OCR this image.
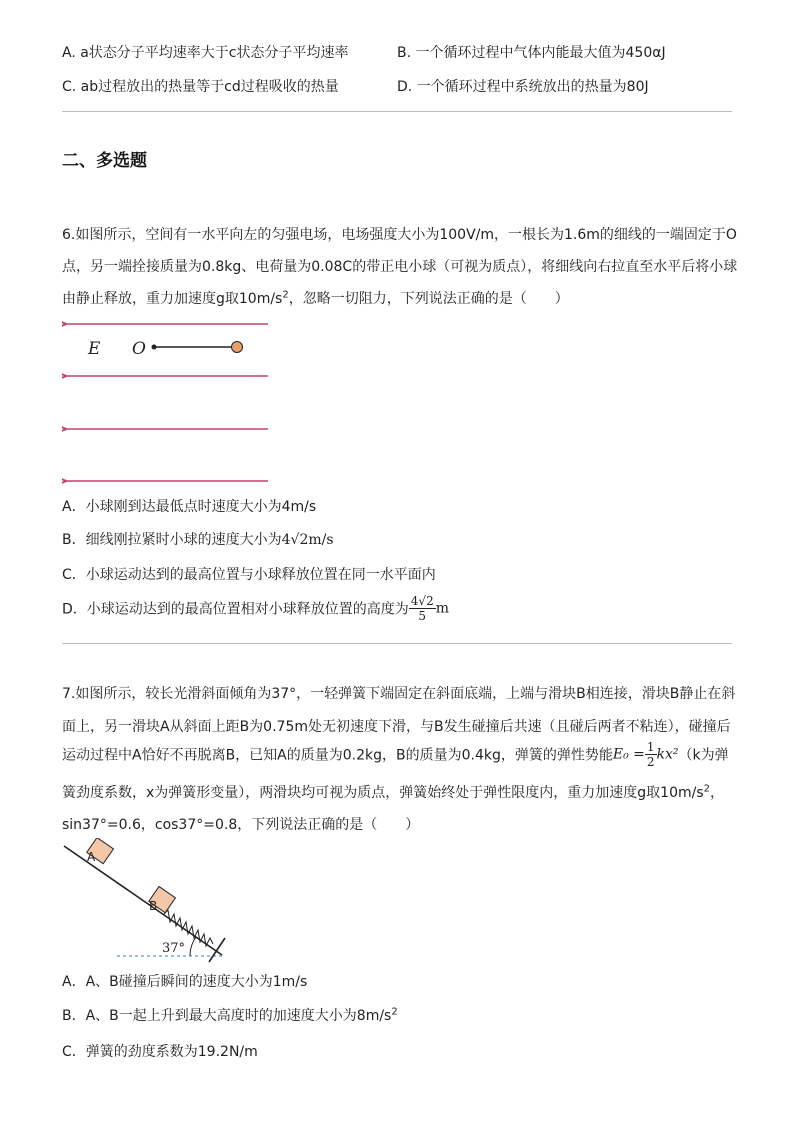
A. a状态分子平均速率大于c状态分子平均速率	B. 一个循环过程中气体内能最大值为450αJ
C. ab过程放出的热量等于cd过程吸收的热量	D. 一个循环过程中系统放出的热量为80J
二、多选题
6.如图所示，空间有一水平向左的匀强电场，电场强度大小为100V/m，一根长为1.6m的细线的一端固定于O
点，另一端拴接质量为0.8kg、电荷量为0.08C的带正电小球（可视为质点），将细线向右拉直至水平后将小球
由静止释放，重力加速度g取$10m/s^2$，忽略一切阻力，下列说法正确的是（　　）
E O
A．小球刚到达最低点时速度大小为4m/s
B．细线刚拉紧时小球的速度大小为4√2m/s
C．小球运动达到的最高位置与小球释放位置在同一水平面内
D．小球运动达到的最高位置相对小球释放位置的高度为 $\frac{4√2}{5}$ m
7.如图所示，较长光滑斜面倾角为37°，一轻弹簧下端固定在斜面底端，上端与滑块B相连接，滑块B静止在斜
面上，另一滑块A从斜面上距B为0.75m处无初速度下滑，与B发生碰撞后共速（且碰后两者不粘连），碰撞后
运动过程中A恰好不再脱离B，已知A的质量为0.2kg，B的质量为0.4kg，弹簧的弹性势能$E_0 = \frac{1}{2} kx^2(k$为弹
簧劲度系数，x为弹簧形变量），两滑块均可视为质点，弹簧始终处于弹性限度内，重力加速度g取$10m/s^2$，
sin37°=0.6，cos37°=0.8，下列说法正确的是（　　）
A
B
37°
A．A、B碰撞后瞬间的速度大小为1m/s
B．A、B一起上升到最大高度时的加速度大小为$8m/s^2$
C．弹簧的劲度系数为19.2N/m
